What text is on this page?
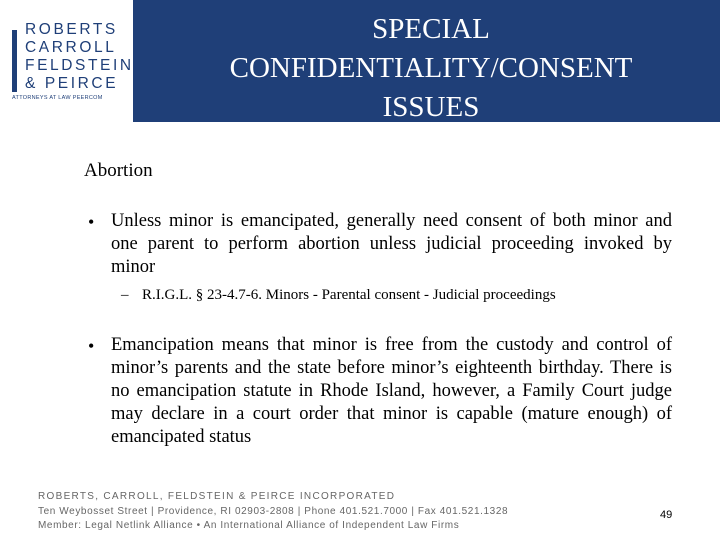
ROBERTS
CARROLL
FELDSTEIN
& PEIRCE
ATTORNEYS AT LAW PEERCOM
SPECIAL
CONFIDENTIALITY/CONSENT
ISSUES
Abortion
• Unless minor is emancipated, generally need consent of both minor and one parent to perform abortion unless judicial proceeding invoked by minor
– R.I.G.L. § 23-4.7-6. Minors - Parental consent - Judicial proceedings
• Emancipation means that minor is free from the custody and control of minor’s parents and the state before minor’s eighteenth birthday. There is no emancipation statute in Rhode Island, however, a Family Court judge may declare in a court order that minor is capable (mature enough) of emancipated status
ROBERTS, CARROLL, FELDSTEIN & PEIRCE INCORPORATED
Ten Weybosset Street | Providence, RI 02903-2808 | Phone 401.521.7000 | Fax 401.521.1328
Member: Legal Netlink Alliance • An International Alliance of Independent Law Firms
49
